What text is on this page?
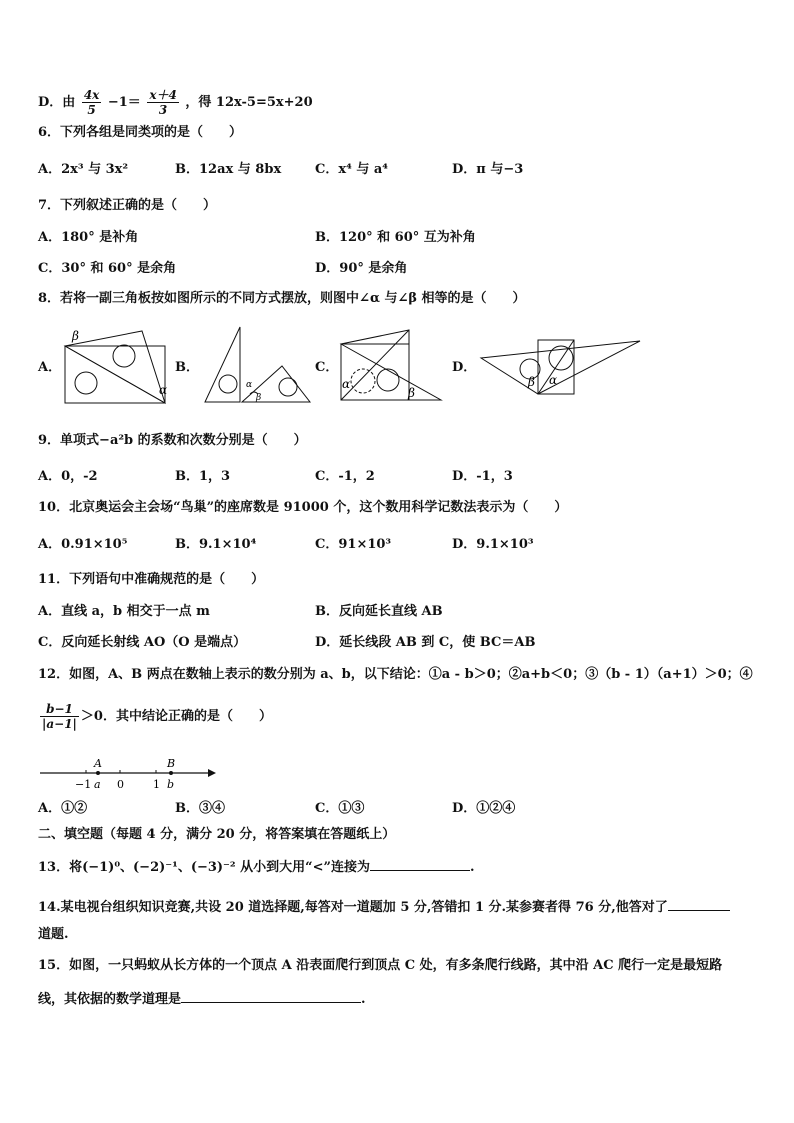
D．由 $\frac{4x}{5} -1= \frac{x+4}{3}$ ，得 12x-5=5x+20
6．下列各组是同类项的是（　　）
A．2x³ 与 3x²	B．12ax 与 8bx	C．x⁴ 与 a⁴	D．π 与−3
7．下列叙述正确的是（　　）
A．180° 是补角	B．120° 和 60° 互为补角
C．30° 和 60° 是余角	D．90° 是余角
8．若将一副三角板按如图所示的不同方式摆放，则图中∠α 与∠β 相等的是（　　）
A．
β
α
B．
α
β
C．
α
β
D．
β α
9．单项式−a²b 的系数和次数分别是（　　）
A．0，-2	B．1，3	C．-1，2	D．-1，3
10．北京奥运会主会场“鸟巢”的座席数是 91000 个，这个数用科学记数法表示为（　　）
A．0.91×10⁵	B．9.1×10⁴	C．91×10³	D．9.1×10³
11．下列语句中准确规范的是（　　）
A．直线 a，b 相交于一点 m	B．反向延长直线 AB
C．反向延长射线 AO（O 是端点）	D．延长线段 AB 到 C，使 BC＝AB
12．如图，A、B 两点在数轴上表示的数分别为 a、b，以下结论：①a - b＞0；②a+b＜0；③（b - 1）（a+1）＞0；④
$\frac{b-1}{|a-1|} >0$．其中结论正确的是（　　）
A	B
−1 a 0	1 b
A．①②	B．③④	C．①③	D．①②④
二、填空题（每题 4 分，满分 20 分，将答案填在答题纸上）
13．将(−1)⁰、(−2)⁻¹、(−3)⁻² 从小到大用“<”连接为	.
14.某电视台组织知识竞赛,共设 20 道选择题,每答对一道题加 5 分,答错扣 1 分.某参赛者得 76 分,他答对了
道题.
15．如图，一只蚂蚁从长方体的一个顶点 A 沿表面爬行到顶点 C 处，有多条爬行线路，其中沿 AC 爬行一定是最短路
线，其依据的数学道理是	.
